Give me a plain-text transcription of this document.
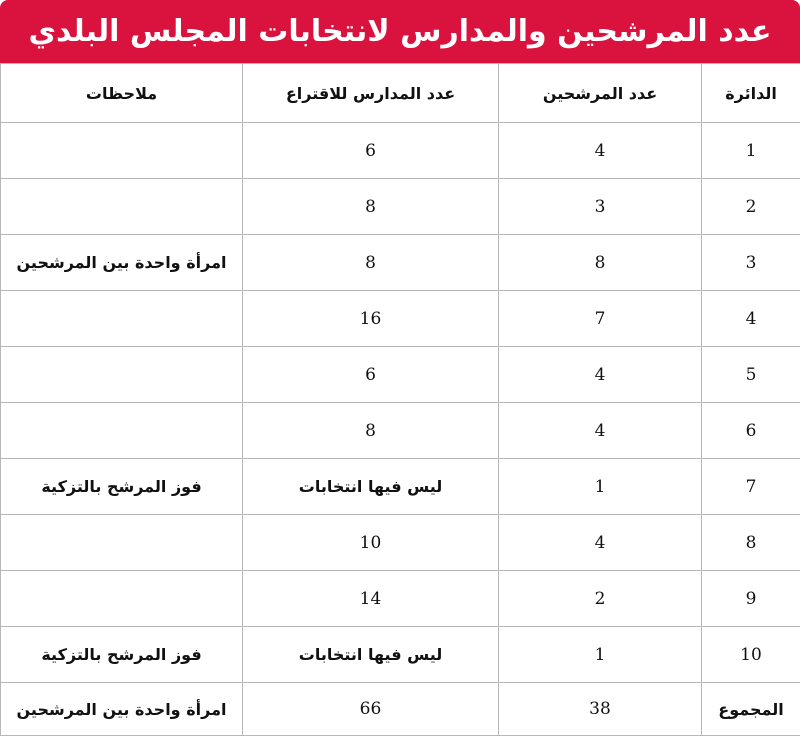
عدد المرشحين والمدارس لانتخابات المجلس البلدي
الدائرة	عدد المرشحين	عدد المدارس للاقتراع	ملاحظات
1	4	6	
2	3	8	
3	8	8	امرأة واحدة بين المرشحين
4	7	16	
5	4	6	
6	4	8	
7	1	ليس فيها انتخابات	فوز المرشح بالتزكية
8	4	10	
9	2	14	
10	1	ليس فيها انتخابات	فوز المرشح بالتزكية
المجموع	38	66	امرأة واحدة بين المرشحين
